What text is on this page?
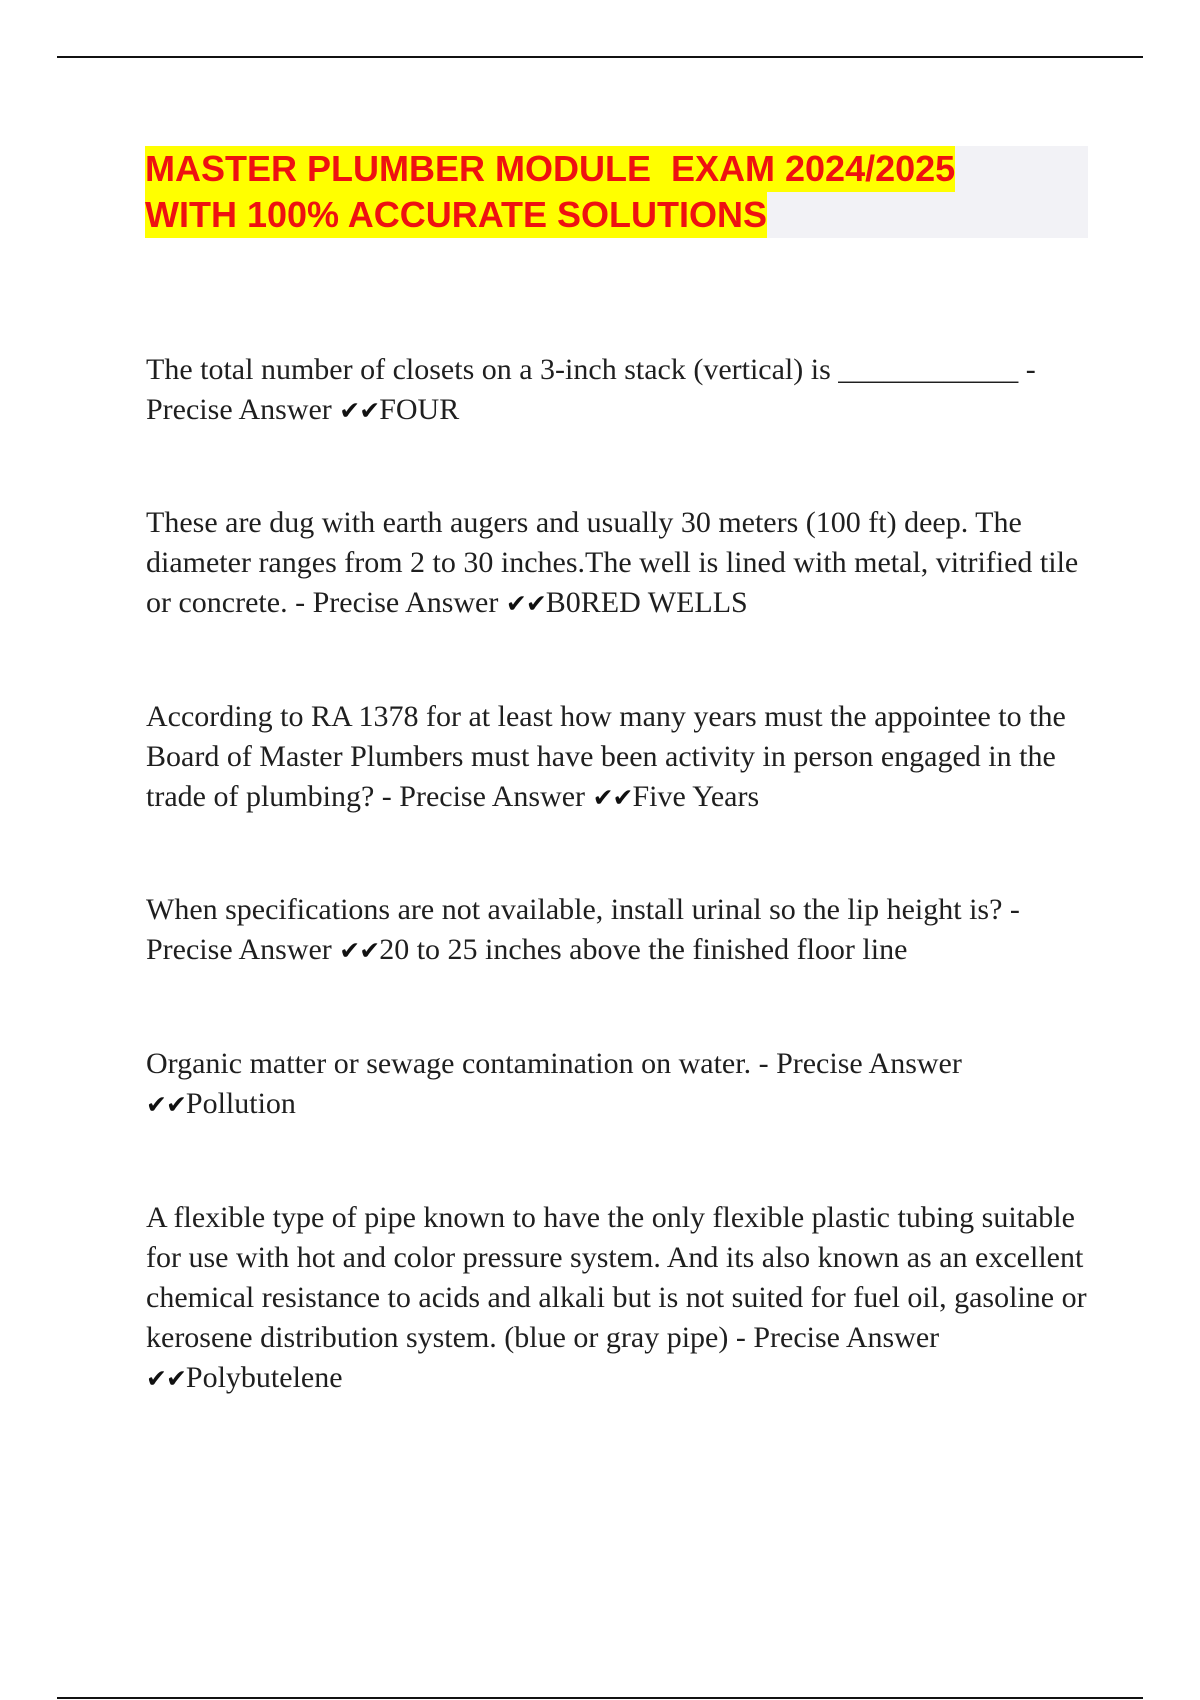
MASTER PLUMBER MODULE  EXAM 2024/2025
WITH 100% ACCURATE SOLUTIONS

The total number of closets on a 3-inch stack (vertical) is ____________ - Precise Answer ✔✔FOUR

These are dug with earth augers and usually 30 meters (100 ft) deep. The diameter ranges from 2 to 30 inches.The well is lined with metal, vitrified tile or concrete. - Precise Answer ✔✔B0RED WELLS

According to RA 1378 for at least how many years must the appointee to the Board of Master Plumbers must have been activity in person engaged in the trade of plumbing? - Precise Answer ✔✔Five Years

When specifications are not available, install urinal so the lip height is? - Precise Answer ✔✔20 to 25 inches above the finished floor line

Organic matter or sewage contamination on water. - Precise Answer ✔✔Pollution

A flexible type of pipe known to have the only flexible plastic tubing suitable for use with hot and color pressure system. And its also known as an excellent chemical resistance to acids and alkali but is not suited for fuel oil, gasoline or kerosene distribution system. (blue or gray pipe) - Precise Answer ✔✔Polybutelene
